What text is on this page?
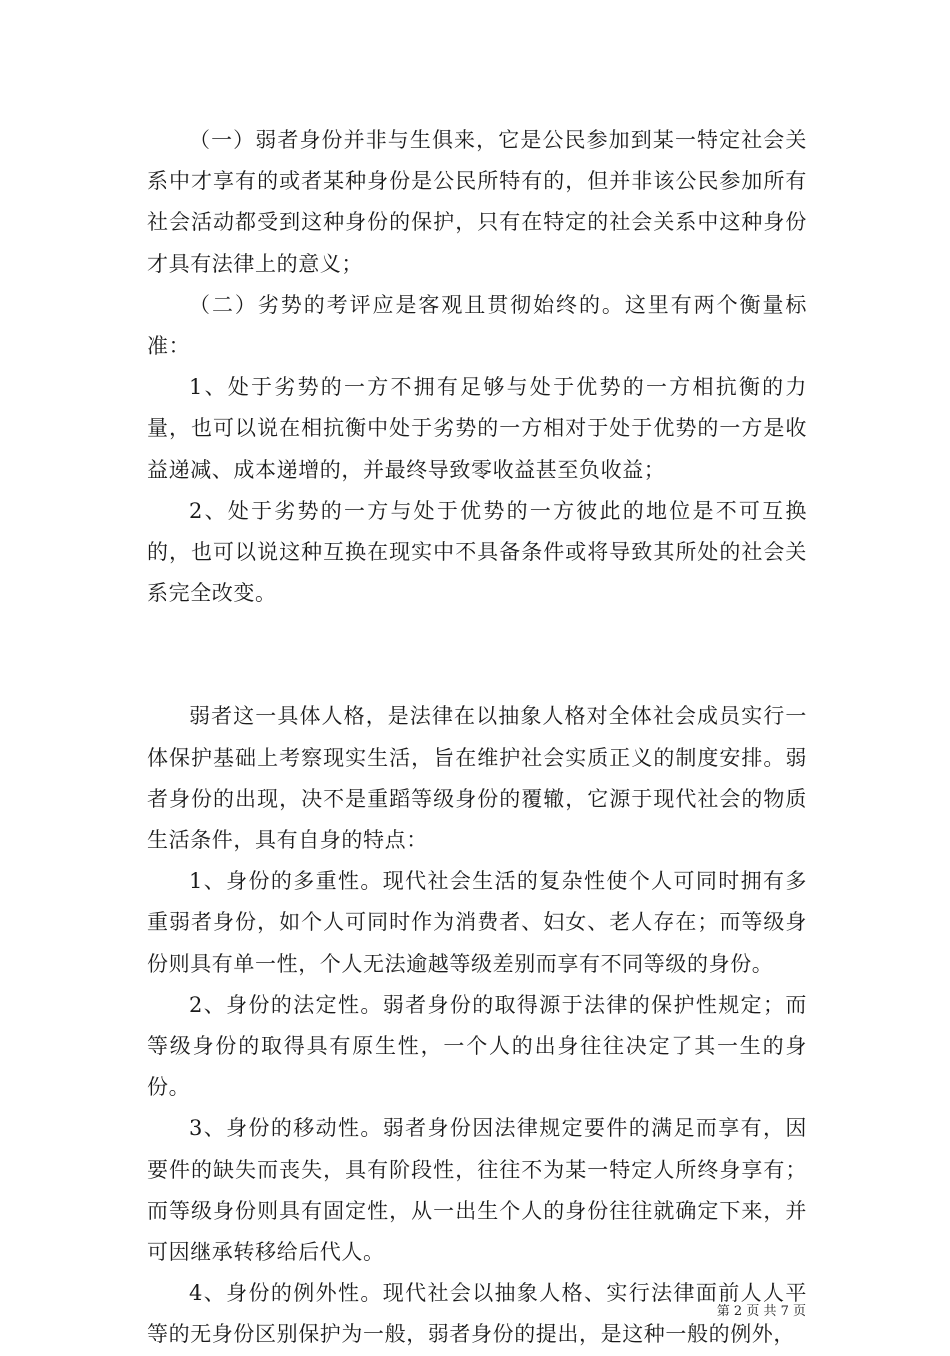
（一）弱者身份并非与生俱来，它是公民参加到某一特定社会关系中才享有的或者某种身份是公民所特有的，但并非该公民参加所有社会活动都受到这种身份的保护，只有在特定的社会关系中这种身份才具有法律上的意义；

（二）劣势的考评应是客观且贯彻始终的。这里有两个衡量标准：

1、处于劣势的一方不拥有足够与处于优势的一方相抗衡的力量，也可以说在相抗衡中处于劣势的一方相对于处于优势的一方是收益递减、成本递增的，并最终导致零收益甚至负收益；

2、处于劣势的一方与处于优势的一方彼此的地位是不可互换的，也可以说这种互换在现实中不具备条件或将导致其所处的社会关系完全改变。

弱者这一具体人格，是法律在以抽象人格对全体社会成员实行一体保护基础上考察现实生活，旨在维护社会实质正义的制度安排。弱者身份的出现，决不是重蹈等级身份的覆辙，它源于现代社会的物质生活条件，具有自身的特点：

1、身份的多重性。现代社会生活的复杂性使个人可同时拥有多重弱者身份，如个人可同时作为消费者、妇女、老人存在；而等级身份则具有单一性，个人无法逾越等级差别而享有不同等级的身份。

2、身份的法定性。弱者身份的取得源于法律的保护性规定；而等级身份的取得具有原生性，一个人的出身往往决定了其一生的身份。

3、身份的移动性。弱者身份因法律规定要件的满足而享有，因要件的缺失而丧失，具有阶段性，往往不为某一特定人所终身享有；而等级身份则具有固定性，从一出生个人的身份往往就确定下来，并可因继承转移给后代人。

4、身份的例外性。现代社会以抽象人格、实行法律面前人人平等的无身份区别保护为一般，弱者身份的提出，是这种一般的例外，

第 2 页 共 7 页
